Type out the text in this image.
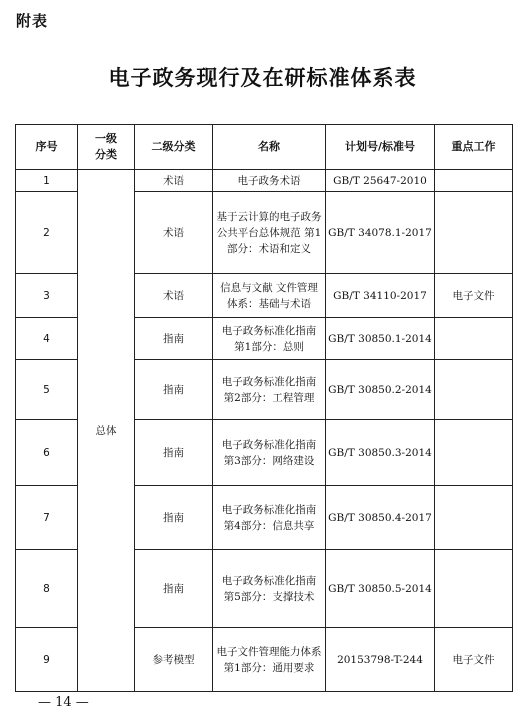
附表
电子政务现行及在研标准体系表
序号	一级分类	二级分类	名称	计划号/标准号	重点工作
1	总体	术语	电子政务术语	GB/T 25647-2010	
2		术语	基于云计算的电子政务公共平台总体规范 第1部分：术语和定义	GB/T 34078.1-2017	
3		术语	信息与文献 文件管理体系：基础与术语	GB/T 34110-2017	电子文件
4		指南	电子政务标准化指南 第1部分：总则	GB/T 30850.1-2014	
5		指南	电子政务标准化指南 第2部分：工程管理	GB/T 30850.2-2014	
6		指南	电子政务标准化指南 第3部分：网络建设	GB/T 30850.3-2014	
7		指南	电子政务标准化指南 第4部分：信息共享	GB/T 30850.4-2017	
8		指南	电子政务标准化指南 第5部分：支撑技术	GB/T 30850.5-2014	
9		参考模型	电子文件管理能力体系 第1部分：通用要求	20153798-T-244	电子文件
— 14 —
